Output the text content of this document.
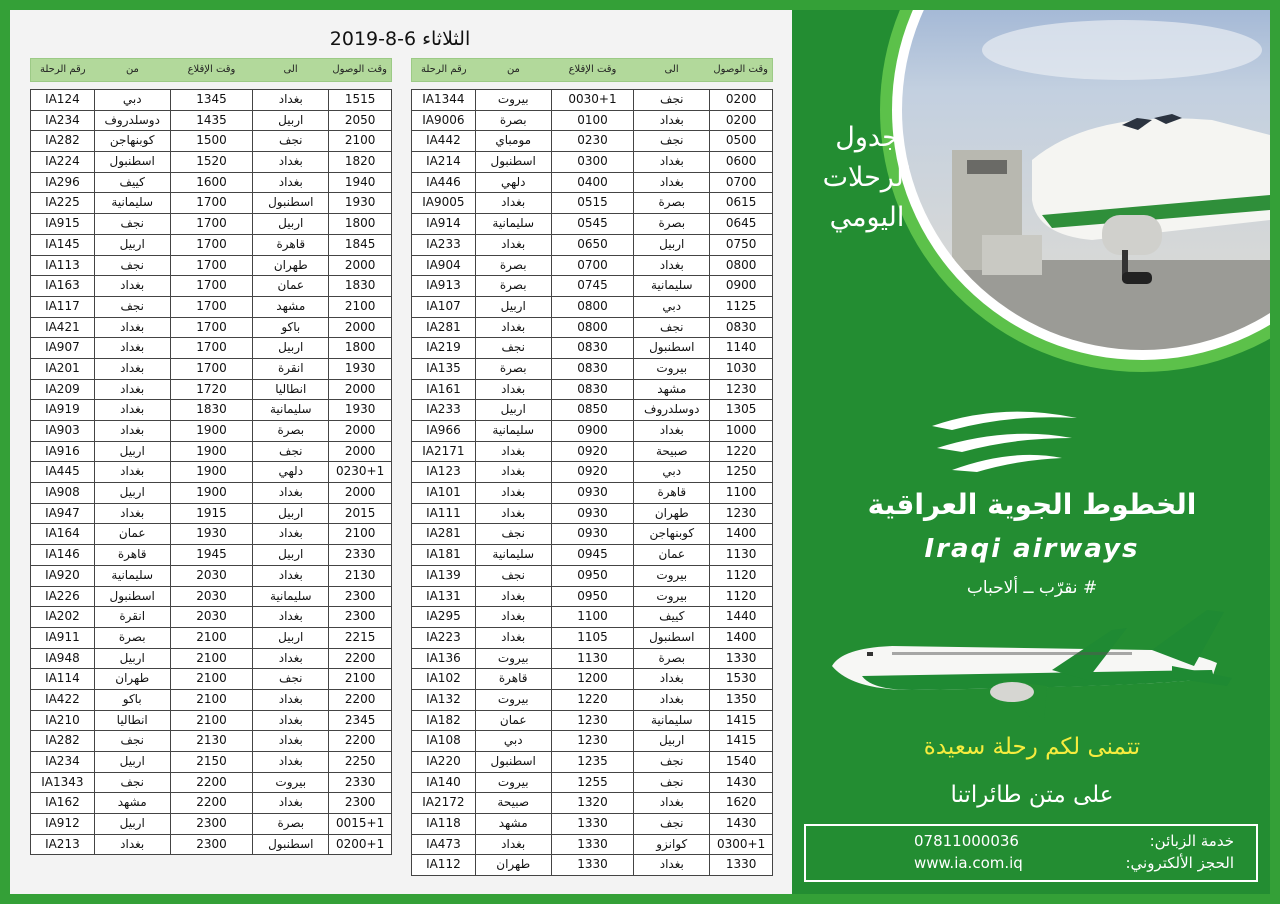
الثلاثاء 6-8-2019
وقت الوصول
الى
وقت الإقلاع
من
رقم الرحلة
1515
بغداد
1345
دبي
IA124
2050
اربيل
1435
دوسلدروف
IA234
2100
نجف
1500
كوبنهاجن
IA282
1820
بغداد
1520
اسطنبول
IA224
1940
بغداد
1600
كييف
IA296
1930
اسطنبول
1700
سليمانية
IA225
1800
اربيل
1700
نجف
IA915
1845
قاهرة
1700
اربيل
IA145
2000
طهران
1700
نجف
IA113
1830
عمان
1700
بغداد
IA163
2100
مشهد
1700
نجف
IA117
2000
باكو
1700
بغداد
IA421
1800
اربيل
1700
بغداد
IA907
1930
انقرة
1700
بغداد
IA201
2000
انطاليا
1720
بغداد
IA209
1930
سليمانية
1830
بغداد
IA919
2000
بصرة
1900
بغداد
IA903
2000
نجف
1900
اربيل
IA916
0230+1
دلهي
1900
بغداد
IA445
2000
بغداد
1900
اربيل
IA908
2015
اربيل
1915
بغداد
IA947
2100
بغداد
1930
عمان
IA164
2330
اربيل
1945
قاهرة
IA146
2130
بغداد
2030
سليمانية
IA920
2300
سليمانية
2030
اسطنبول
IA226
2300
بغداد
2030
انقرة
IA202
2215
اربيل
2100
بصرة
IA911
2200
بغداد
2100
اربيل
IA948
2100
نجف
2100
طهران
IA114
2200
بغداد
2100
باكو
IA422
2345
بغداد
2100
انطاليا
IA210
2200
بغداد
2130
نجف
IA282
2250
بغداد
2150
اربيل
IA234
2330
بيروت
2200
نجف
IA1343
2300
بغداد
2200
مشهد
IA162
0015+1
بصرة
2300
اربيل
IA912
0200+1
اسطنبول
2300
بغداد
IA213
وقت الوصول
الى
وقت الإقلاع
من
رقم الرحلة
0200
نجف
0030+1
بيروت
IA1344
0200
بغداد
0100
بصرة
IA9006
0500
نجف
0230
مومباي
IA442
0600
بغداد
0300
اسطنبول
IA214
0700
بغداد
0400
دلهي
IA446
0615
بصرة
0515
بغداد
IA9005
0645
بصرة
0545
سليمانية
IA914
0750
اربيل
0650
بغداد
IA233
0800
بغداد
0700
بصرة
IA904
0900
سليمانية
0745
بصرة
IA913
1125
دبي
0800
اربيل
IA107
0830
نجف
0800
بغداد
IA281
1140
اسطنبول
0830
نجف
IA219
1030
بيروت
0830
بصرة
IA135
1230
مشهد
0830
بغداد
IA161
1305
دوسلدروف
0850
اربيل
IA233
1000
بغداد
0900
سليمانية
IA966
1220
صبيحة
0920
بغداد
IA2171
1250
دبي
0920
بغداد
IA123
1100
قاهرة
0930
بغداد
IA101
1230
طهران
0930
بغداد
IA111
1400
كوبنهاجن
0930
نجف
IA281
1130
عمان
0945
سليمانية
IA181
1120
بيروت
0950
نجف
IA139
1120
بيروت
0950
بغداد
IA131
1440
كييف
1100
بغداد
IA295
1400
اسطنبول
1105
بغداد
IA223
1330
بصرة
1130
بيروت
IA136
1530
بغداد
1200
قاهرة
IA102
1350
بغداد
1220
بيروت
IA132
1415
سليمانية
1230
عمان
IA182
1415
اربيل
1230
دبي
IA108
1540
نجف
1235
اسطنبول
IA220
1430
نجف
1255
بيروت
IA140
1620
بغداد
1320
صبيحة
IA2172
1430
نجف
1330
مشهد
IA118
0300+1
كوانزو
1330
بغداد
IA473
1330
بغداد
1330
طهران
IA112
جدول
الرحلات
اليومي
الخطوط الجوية العراقية
Iraqi airways
# نقرّب ــ ألاحباب
تتمنى لكم رحلة سعيدة
على متن طائراتنا
خدمة الزبائن:
07811000036
الحجز الألكتروني:
www.ia.com.iq
